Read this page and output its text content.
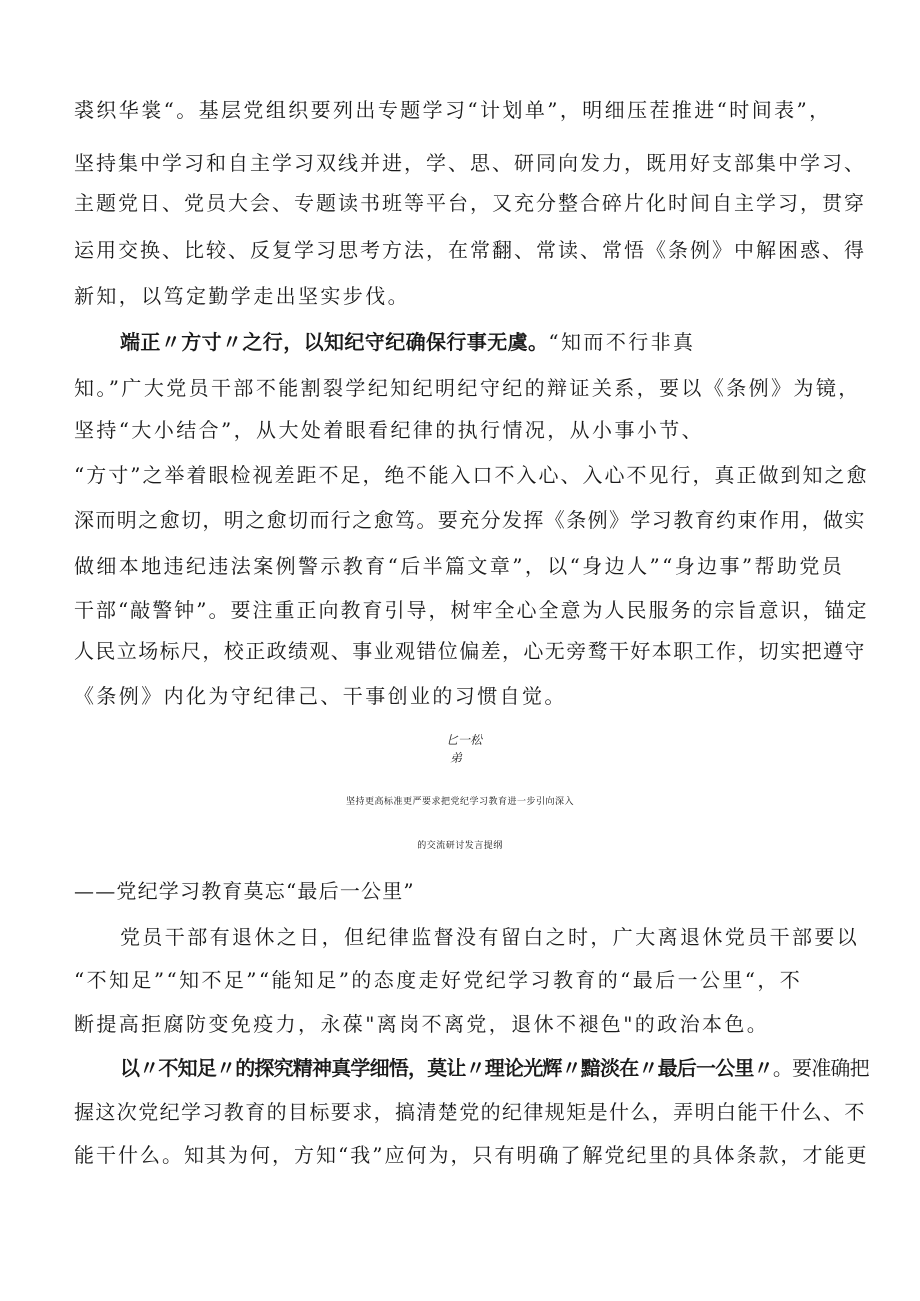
裘织华裳“。基层党组织要列出专题学习“计划单”，明细压茬推进“时间表”，
坚持集中学习和自主学习双线并进，学、思、研同向发力，既用好支部集中学习、
主题党日、党员大会、专题读书班等平台，又充分整合碎片化时间自主学习，贯穿
运用交换、比较、反复学习思考方法，在常翻、常读、常悟《条例》中解困惑、得
新知，以笃定勤学走出坚实步伐。
端正〃方寸〃之行，以知纪守纪确保行事无虞。“知而不行非真
知。”广大党员干部不能割裂学纪知纪明纪守纪的辩证关系，要以《条例》为镜，
坚持“大小结合”，从大处着眼看纪律的执行情况，从小事小节、
“方寸”之举着眼检视差距不足，绝不能入口不入心、入心不见行，真正做到知之愈
深而明之愈切，明之愈切而行之愈笃。要充分发挥《条例》学习教育约束作用，做实
做细本地违纪违法案例警示教育“后半篇文章”，以“身边人”“身边事”帮助党员
干部“敲警钟”。要注重正向教育引导，树牢全心全意为人民服务的宗旨意识，锚定
人民立场标尺，校正政绩观、事业观错位偏差，心无旁鹜干好本职工作，切实把遵守
《条例》内化为守纪律己、干事创业的习惯自觉。
匕一松
弟
坚持更高标准更严要求把党纪学习教育进一步引向深入
的交流研讨发言提纲
——党纪学习教育莫忘“最后一公里”
党员干部有退休之日，但纪律监督没有留白之时，广大离退休党员干部要以
“不知足”“知不足”“能知足”的态度走好党纪学习教育的“最后一公里“，不
断提高拒腐防变免疫力，永葆"离岗不离党，退休不褪色"的政治本色。
以〃不知足〃的探究精神真学细悟，莫让〃理论光辉〃黯淡在〃最后一公里〃。要准确把
握这次党纪学习教育的目标要求，搞清楚党的纪律规矩是什么，弄明白能干什么、不
能干什么。知其为何，方知“我”应何为，只有明确了解党纪里的具体条款，才能更
